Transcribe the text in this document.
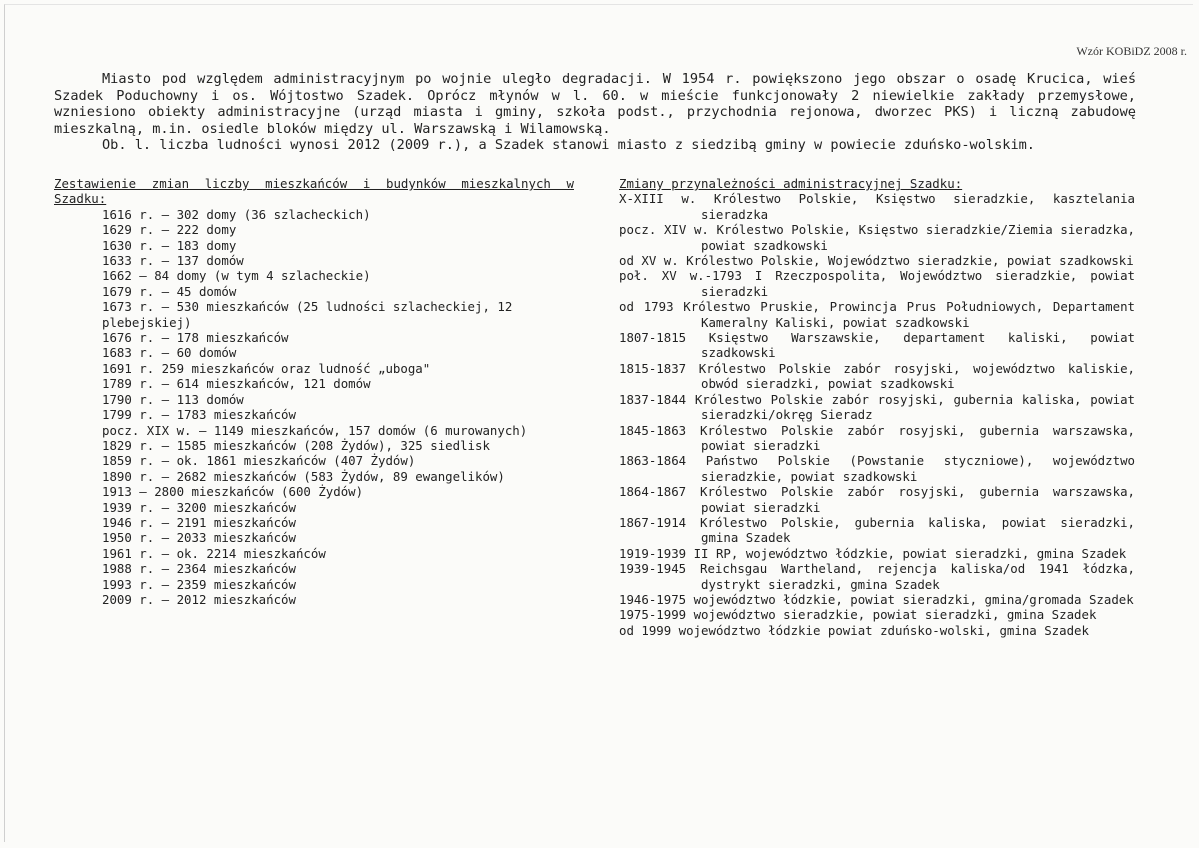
Wzór KOBiDZ 2008 r.

Miasto pod względem administracyjnym po wojnie uległo degradacji. W 1954 r. powiększono jego obszar o osadę Krucica, wieś Szadek Poduchowny i os. Wójtostwo Szadek. Oprócz młynów w l. 60. w mieście funkcjonowały 2 niewielkie zakłady przemysłowe, wzniesiono obiekty administracyjne (urząd miasta i gminy, szkoła podst., przychodnia rejonowa, dworzec PKS) i liczną zabudowę mieszkalną, m.in. osiedle bloków między ul. Warszawską i Wilamowską.

Ob. l. liczba ludności wynosi 2012 (2009 r.), a Szadek stanowi miasto z siedzibą gminy w powiecie zduńsko-wolskim.

Zestawienie zmian liczby mieszkańców i budynków mieszkalnych w Szadku:
1616 r. – 302 domy (36 szlacheckich)
1629 r. – 222 domy
1630 r. – 183 domy
1633 r. – 137 domów
1662 – 84 domy (w tym 4 szlacheckie)
1679 r. – 45 domów
1673 r. – 530 mieszkańców (25 ludności szlacheckiej, 12 plebejskiej)
1676 r. – 178 mieszkańców
1683 r. – 60 domów
1691 r. 259 mieszkańców oraz ludność „uboga"
1789 r. – 614 mieszkańców, 121 domów
1790 r. – 113 domów
1799 r. – 1783 mieszkańców
pocz. XIX w. – 1149 mieszkańców, 157 domów (6 murowanych)
1829 r. – 1585 mieszkańców (208 Żydów), 325 siedlisk
1859 r. – ok. 1861 mieszkańców (407 Żydów)
1890 r. – 2682 mieszkańców (583 Żydów, 89 ewangelików)
1913 – 2800 mieszkańców (600 Żydów)
1939 r. – 3200 mieszkańców
1946 r. – 2191 mieszkańców
1950 r. – 2033 mieszkańców
1961 r. – ok. 2214 mieszkańców
1988 r. – 2364 mieszkańców
1993 r. – 2359 mieszkańców
2009 r. – 2012 mieszkańców
Zmiany przynależności administracyjnej Szadku:
X-XIII w. Królestwo Polskie, Księstwo sieradzkie, kasztelania sieradzka
pocz. XIV w. Królestwo Polskie, Księstwo sieradzkie/Ziemia sieradzka, powiat szadkowski
od XV w. Królestwo Polskie, Województwo sieradzkie, powiat szadkowski
poł. XV w.-1793 I Rzeczpospolita, Województwo sieradzkie, powiat sieradzki
od 1793 Królestwo Pruskie, Prowincja Prus Południowych, Departament Kameralny Kaliski, powiat szadkowski
1807-1815 Księstwo Warszawskie, departament kaliski, powiat szadkowski
1815-1837 Królestwo Polskie zabór rosyjski, województwo kaliskie, obwód sieradzki, powiat szadkowski
1837-1844 Królestwo Polskie zabór rosyjski, gubernia kaliska, powiat sieradzki/okręg Sieradz
1845-1863 Królestwo Polskie zabór rosyjski, gubernia warszawska, powiat sieradzki
1863-1864 Państwo Polskie (Powstanie styczniowe), województwo sieradzkie, powiat szadkowski
1864-1867 Królestwo Polskie zabór rosyjski, gubernia warszawska, powiat sieradzki
1867-1914 Królestwo Polskie, gubernia kaliska, powiat sieradzki, gmina Szadek
1919-1939 II RP, województwo łódzkie, powiat sieradzki, gmina Szadek
1939-1945 Reichsgau Wartheland, rejencja kaliska/od 1941 łódzka, dystrykt sieradzki, gmina Szadek
1946-1975 województwo łódzkie, powiat sieradzki, gmina/gromada Szadek
1975-1999 województwo sieradzkie, powiat sieradzki, gmina Szadek
od 1999 województwo łódzkie powiat zduńsko-wolski, gmina Szadek
